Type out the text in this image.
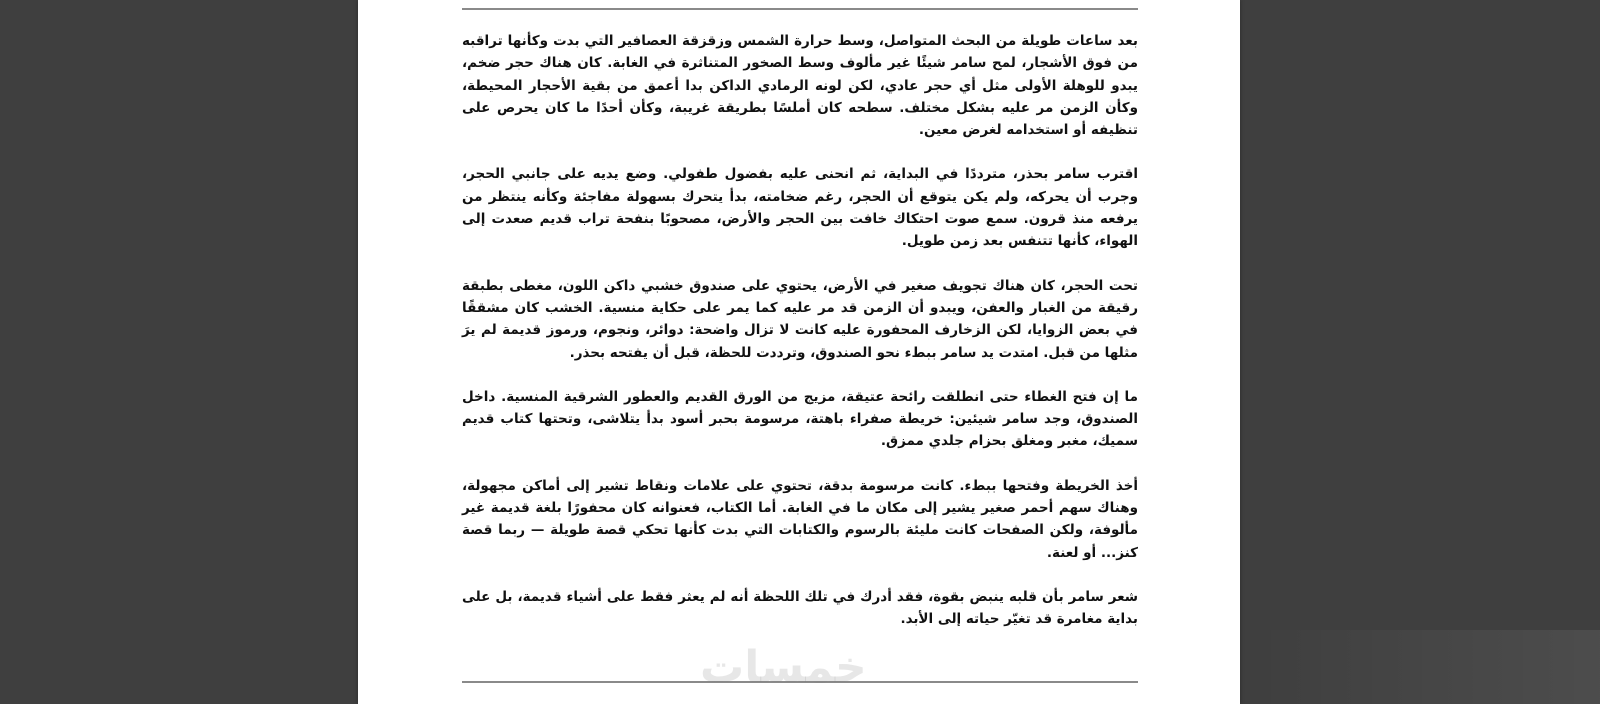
بعد ساعات طويلة من البحث المتواصل، وسط حرارة الشمس وزقزقة العصافير التي بدت وكأنها تراقبه من فوق الأشجار، لمح سامر شيئًا غير مألوف وسط الصخور المتناثرة في الغابة. كان هناك حجر ضخم، يبدو للوهلة الأولى مثل أي حجر عادي، لكن لونه الرمادي الداكن بدا أعمق من بقية الأحجار المحيطة، وكأن الزمن مر عليه بشكل مختلف. سطحه كان أملسًا بطريقة غريبة، وكأن أحدًا ما كان يحرص على تنظيفه أو استخدامه لغرض معين.

اقترب سامر بحذر، مترددًا في البداية، ثم انحنى عليه بفضول طفولي. وضع يديه على جانبي الحجر، وجرب أن يحركه، ولم يكن يتوقع أن الحجر، رغم ضخامته، بدأ يتحرك بسهولة مفاجئة وكأنه ينتظر من يرفعه منذ قرون. سمع صوت احتكاك خافت بين الحجر والأرض، مصحوبًا بنفحة تراب قديم صعدت إلى الهواء، كأنها تتنفس بعد زمن طويل.

تحت الحجر، كان هناك تجويف صغير في الأرض، يحتوي على صندوق خشبي داكن اللون، مغطى بطبقة رقيقة من الغبار والعفن، ويبدو أن الزمن قد مر عليه كما يمر على حكاية منسية. الخشب كان مشققًا في بعض الزوايا، لكن الزخارف المحفورة عليه كانت لا تزال واضحة: دوائر، ونجوم، ورموز قديمة لم يرَ مثلها من قبل. امتدت يد سامر ببطء نحو الصندوق، وترددت للحظة، قبل أن يفتحه بحذر.

ما إن فتح الغطاء حتى انطلقت رائحة عتيقة، مزيج من الورق القديم والعطور الشرقية المنسية. داخل الصندوق، وجد سامر شيئين: خريطة صفراء باهتة، مرسومة بحبر أسود بدأ يتلاشى، وتحتها كتاب قديم سميك، مغبر ومغلق بحزام جلدي ممزق.

أخذ الخريطة وفتحها ببطء. كانت مرسومة بدقة، تحتوي على علامات ونقاط تشير إلى أماكن مجهولة، وهناك سهم أحمر صغير يشير إلى مكان ما في الغابة. أما الكتاب، فعنوانه كان محفورًا بلغة قديمة غير مألوفة، ولكن الصفحات كانت مليئة بالرسوم والكتابات التي بدت كأنها تحكي قصة طويلة — ربما قصة كنز... أو لعنة.

شعر سامر بأن قلبه ينبض بقوة، فقد أدرك في تلك اللحظة أنه لم يعثر فقط على أشياء قديمة، بل على بداية مغامرة قد تغيّر حياته إلى الأبد.
